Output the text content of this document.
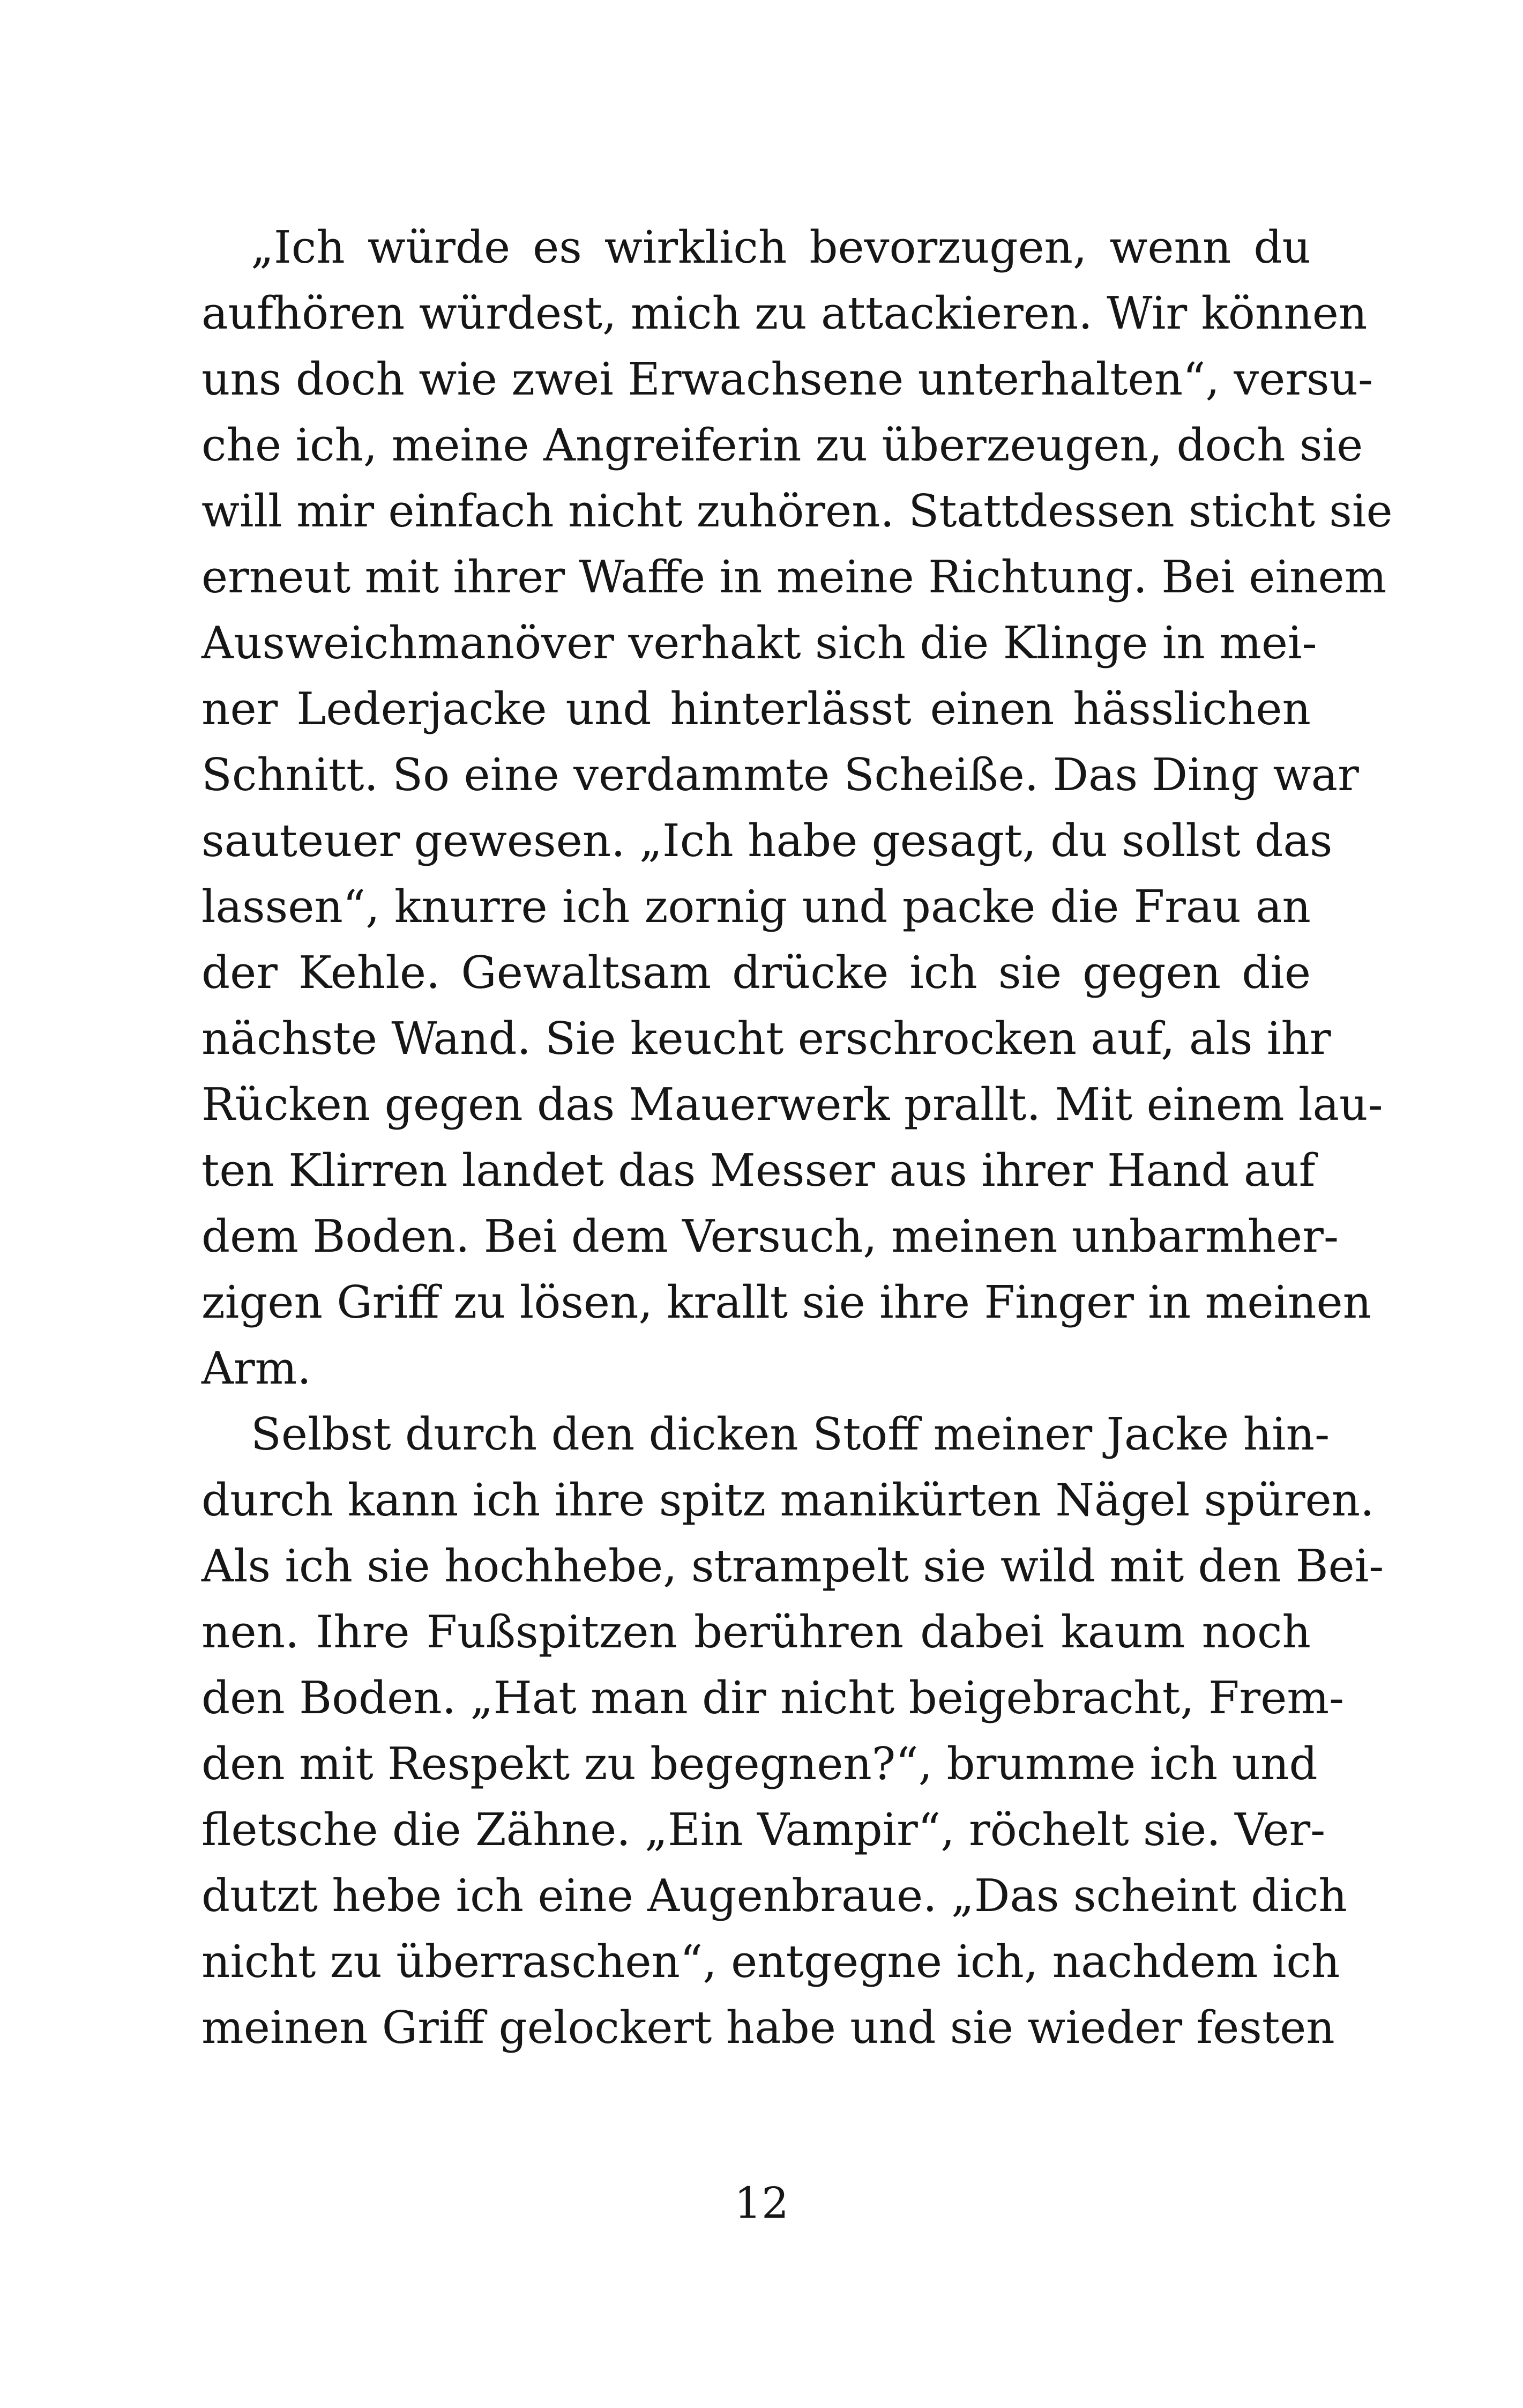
„Ich würde es wirklich bevorzugen, wenn du
aufhören würdest, mich zu attackieren. Wir können
uns doch wie zwei Erwachsene unterhalten“, versu-
che ich, meine Angreiferin zu überzeugen, doch sie
will mir einfach nicht zuhören. Stattdessen sticht sie
erneut mit ihrer Waffe in meine Richtung. Bei einem
Ausweichmanöver verhakt sich die Klinge in mei-
ner Lederjacke und hinterlässt einen hässlichen
Schnitt. So eine verdammte Scheiße. Das Ding war
sauteuer gewesen. „Ich habe gesagt, du sollst das
lassen“, knurre ich zornig und packe die Frau an
der Kehle. Gewaltsam drücke ich sie gegen die
nächste Wand. Sie keucht erschrocken auf, als ihr
Rücken gegen das Mauerwerk prallt. Mit einem lau-
ten Klirren landet das Messer aus ihrer Hand auf
dem Boden. Bei dem Versuch, meinen unbarmher-
zigen Griff zu lösen, krallt sie ihre Finger in meinen
Arm.
Selbst durch den dicken Stoff meiner Jacke hin-
durch kann ich ihre spitz manikürten Nägel spüren.
Als ich sie hochhebe, strampelt sie wild mit den Bei-
nen. Ihre Fußspitzen berühren dabei kaum noch
den Boden. „Hat man dir nicht beigebracht, Frem-
den mit Respekt zu begegnen?“, brumme ich und
fletsche die Zähne. „Ein Vampir“, röchelt sie. Ver-
dutzt hebe ich eine Augenbraue. „Das scheint dich
nicht zu überraschen“, entgegne ich, nachdem ich
meinen Griff gelockert habe und sie wieder festen
12
